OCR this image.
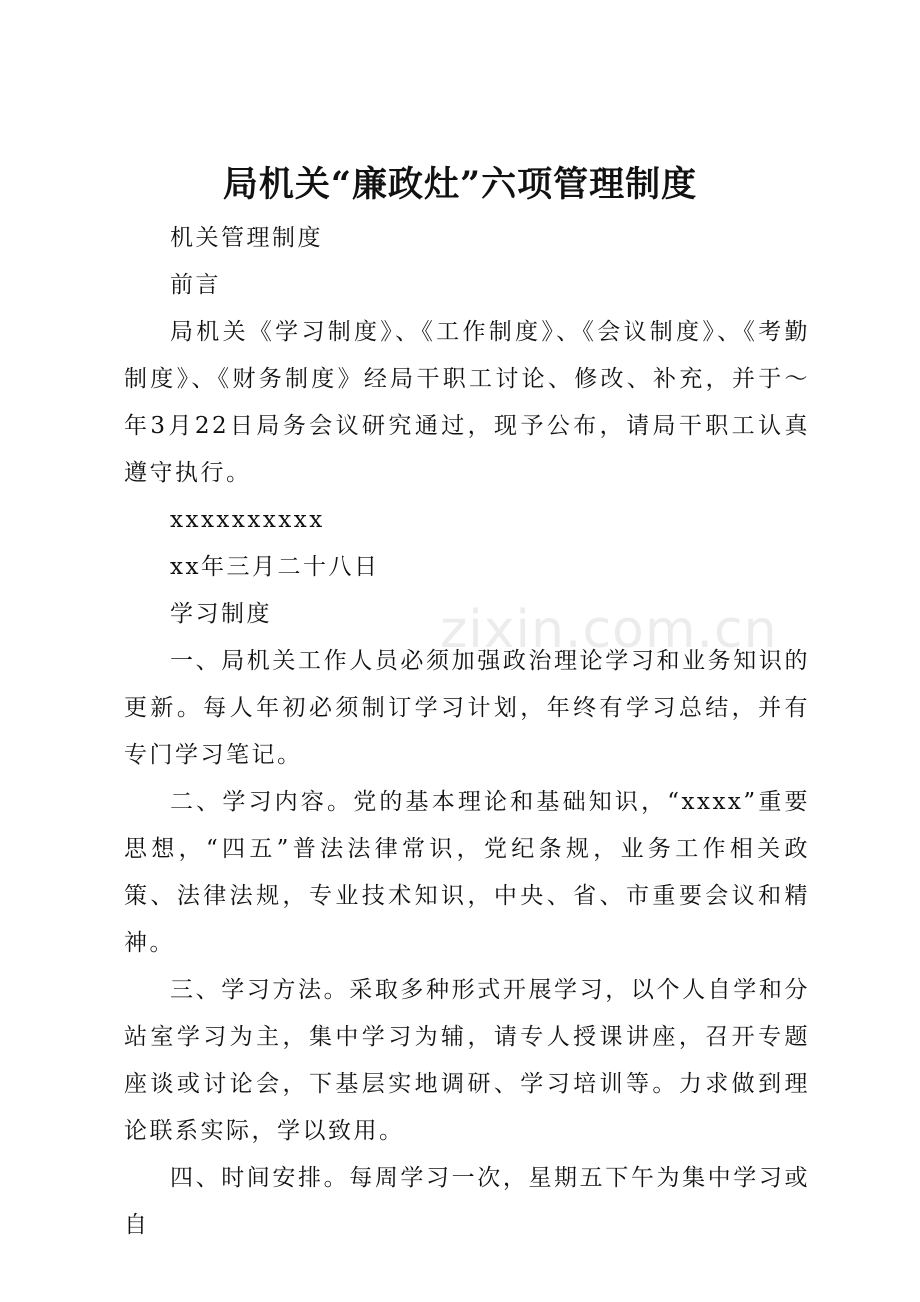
局机关“廉政灶”六项管理制度

机关管理制度

前言

局机关《学习制度》、《工作制度》、《会议制度》、《考勤制度》、《财务制度》经局干职工讨论、修改、补充，并于～年3月22日局务会议研究通过，现予公布，请局干职工认真遵守执行。

xxxxxxxxxx

xx年三月二十八日

学习制度

一、局机关工作人员必须加强政治理论学习和业务知识的更新。每人年初必须制订学习计划，年终有学习总结，并有专门学习笔记。

二、学习内容。党的基本理论和基础知识，“xxxx”重要思想，“四五”普法法律常识，党纪条规，业务工作相关政策、法律法规，专业技术知识，中央、省、市重要会议和精神。

三、学习方法。采取多种形式开展学习，以个人自学和分站室学习为主，集中学习为辅，请专人授课讲座，召开专题座谈或讨论会，下基层实地调研、学习培训等。力求做到理论联系实际，学以致用。

四、时间安排。每周学习一次，星期五下午为集中学习或自

zixin.com.cn
